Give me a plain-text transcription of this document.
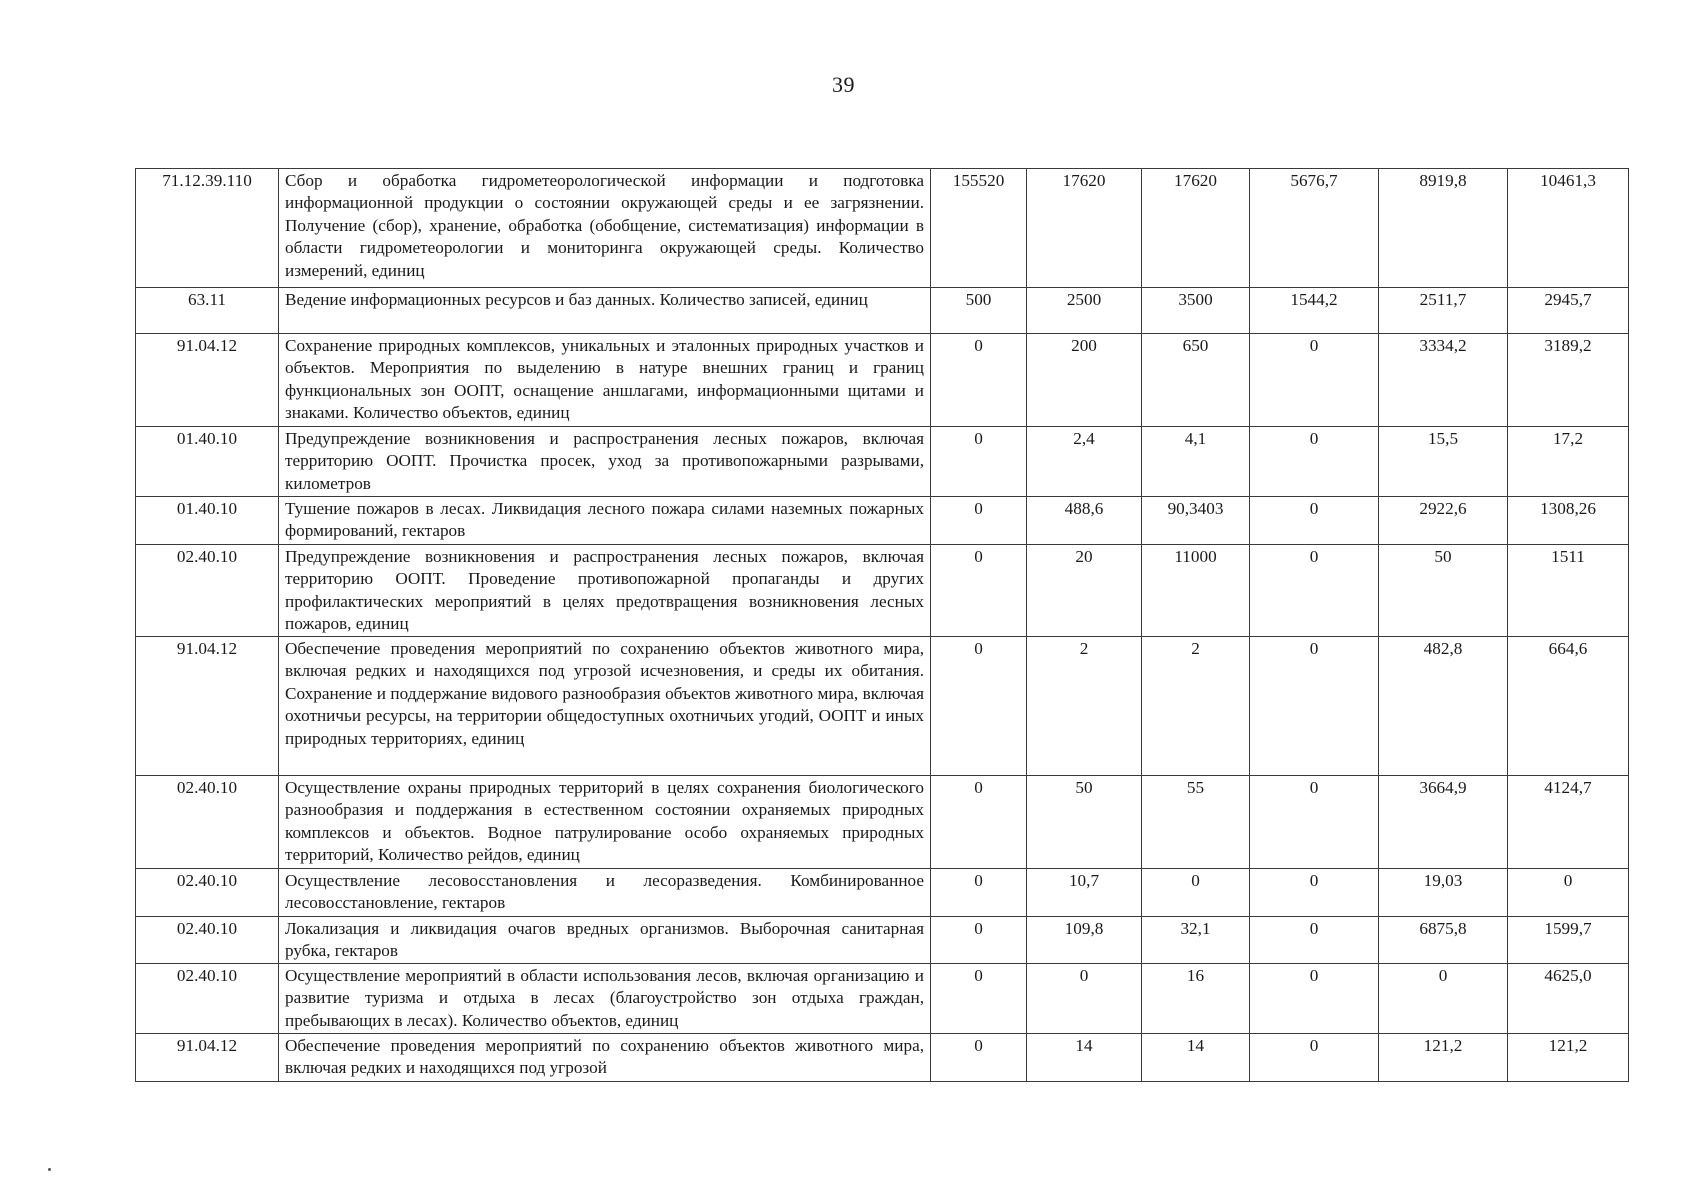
39
71.12.39.110	Сбор и обработка гидрометеорологической информации и подготовка информационной продукции о состоянии окружающей среды и ее загрязнении. Получение (сбор), хранение, обработка (обобщение, систематизация) информации в области гидрометеорологии и мониторинга окружающей среды. Количество измерений, единиц	155520	17620	17620	5676,7	8919,8	10461,3
63.11	Ведение информационных ресурсов и баз данных. Количество записей, единиц	500	2500	3500	1544,2	2511,7	2945,7
91.04.12	Сохранение природных комплексов, уникальных и эталонных природных участков и объектов. Мероприятия по выделению в натуре внешних границ и границ функциональных зон ООПТ, оснащение аншлагами, информационными щитами и знаками. Количество объектов, единиц	0	200	650	0	3334,2	3189,2
01.40.10	Предупреждение возникновения и распространения лесных пожаров, включая территорию ООПТ. Прочистка просек, уход за противопожарными разрывами, километров	0	2,4	4,1	0	15,5	17,2
01.40.10	Тушение пожаров в лесах. Ликвидация лесного пожара силами наземных пожарных формирований, гектаров	0	488,6	90,3403	0	2922,6	1308,26
02.40.10	Предупреждение возникновения и распространения лесных пожаров, включая территорию ООПТ. Проведение противопожарной пропаганды и других профилактических мероприятий в целях предотвращения возникновения лесных пожаров, единиц	0	20	11000	0	50	1511
91.04.12	Обеспечение проведения мероприятий по сохранению объектов животного мира, включая редких и находящихся под угрозой исчезновения, и среды их обитания. Сохранение и поддержание видового разнообразия объектов животного мира, включая охотничьи ресурсы, на территории общедоступных охотничьих угодий, ООПТ и иных природных территориях, единиц	0	2	2	0	482,8	664,6
02.40.10	Осуществление охраны природных территорий в целях сохранения биологического разнообразия и поддержания в естественном состоянии охраняемых природных комплексов и объектов. Водное патрулирование особо охраняемых природных территорий, Количество рейдов, единиц	0	50	55	0	3664,9	4124,7
02.40.10	Осуществление лесовосстановления и лесоразведения. Комбинированное лесовосстановление, гектаров	0	10,7	0	0	19,03	0
02.40.10	Локализация и ликвидация очагов вредных организмов. Выборочная санитарная рубка, гектаров	0	109,8	32,1	0	6875,8	1599,7
02.40.10	Осуществление мероприятий в области использования лесов, включая организацию и развитие туризма и отдыха в лесах (благоустройство зон отдыха граждан, пребывающих в лесах). Количество объектов, единиц	0	0	16	0	0	4625,0
91.04.12	Обеспечение проведения мероприятий по сохранению объектов животного мира, включая редких и находящихся под угрозой	0	14	14	0	121,2	121,2
